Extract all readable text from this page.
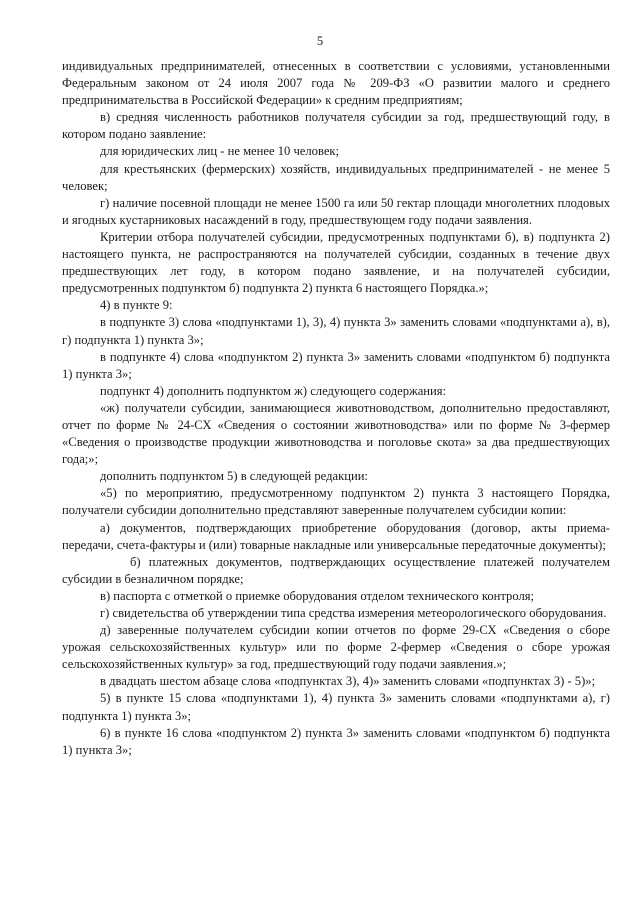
5

индивидуальных предпринимателей, отнесенных в соответствии с условиями, установленными Федеральным законом от 24 июля 2007 года № 209-ФЗ «О развитии малого и среднего предпринимательства в Российской Федерации» к средним предприятиям;

в) средняя численность работников получателя субсидии за год, предшествующий году, в котором подано заявление:

для юридических лиц - не менее 10 человек;

для крестьянских (фермерских) хозяйств, индивидуальных предпринимателей - не менее 5 человек;

г) наличие посевной площади не менее 1500 га или 50 гектар площади многолетних плодовых и ягодных кустарниковых насаждений в году, предшествующем году подачи заявления.

Критерии отбора получателей субсидии, предусмотренных подпунктами б), в) подпункта 2) настоящего пункта, не распространяются на получателей субсидии, созданных в течение двух предшествующих лет году, в котором подано заявление, и на получателей субсидии, предусмотренных подпунктом б) подпункта 2) пункта 6 настоящего Порядка.»;

4) в пункте 9:

в подпункте 3) слова «подпунктами 1), 3), 4) пункта 3» заменить словами «подпунктами а), в), г) подпункта 1) пункта 3»;

в подпункте 4) слова «подпунктом 2) пункта 3» заменить словами «подпунктом б) подпункта 1) пункта 3»;

подпункт 4) дополнить подпунктом ж) следующего содержания:

«ж) получатели субсидии, занимающиеся животноводством, дополнительно предоставляют, отчет по форме № 24-СХ «Сведения о состоянии животноводства» или по форме № 3-фермер «Сведения о производстве продукции животноводства и поголовье скота» за два предшествующих года;»;

дополнить подпунктом 5) в следующей редакции:

«5) по мероприятию, предусмотренному подпунктом 2) пункта 3 настоящего Порядка, получатели субсидии дополнительно представляют заверенные получателем субсидии копии:

а) документов, подтверждающих приобретение оборудования (договор, акты приема-передачи, счета-фактуры и (или) товарные накладные или универсальные передаточные документы);

б) платежных документов, подтверждающих осуществление платежей получателем субсидии в безналичном порядке;

в) паспорта с отметкой о приемке оборудования отделом технического контроля;

г) свидетельства об утверждении типа средства измерения метеорологического оборудования.

д) заверенные получателем субсидии копии отчетов по форме 29-СХ «Сведения о сборе урожая сельскохозяйственных культур» или по форме 2-фермер «Сведения о сборе урожая сельскохозяйственных культур» за год, предшествующий году подачи заявления.»;

в двадцать шестом абзаце слова «подпунктах 3), 4)» заменить словами «подпунктах 3) - 5)»;

5) в пункте 15 слова «подпунктами 1), 4) пункта 3» заменить словами «подпунктами а), г) подпункта 1) пункта 3»;

6) в пункте 16 слова «подпунктом 2) пункта 3» заменить словами «подпунктом б) подпункта 1) пункта 3»;
